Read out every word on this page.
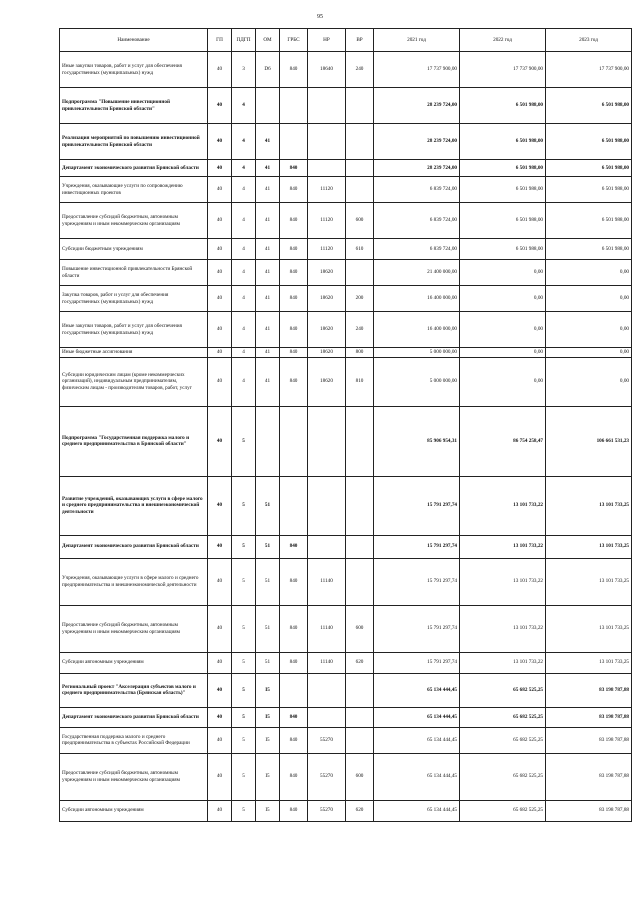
95
Наименование	ГП	ПДГП	ОМ	ГРБС	НР	ВР	2021 год	2022 год	2023 год
Иные закупки товаров, работ и услуг для обеспечения государственных (муниципальных) нужд	40	3	D6	840	18640	240	17 737 900,00	17 737 900,00	17 737 900,00
Подпрограмма "Повышение инвестиционной привлекательности Брянской области"	40	4					28 239 724,00	6 501 988,00	6 501 988,00
Реализация мероприятий по повышению инвестиционной привлекательности Брянской области	40	4	41				28 239 724,00	6 501 988,00	6 501 988,00
Департамент экономического развития Брянской области	40	4	41	840			28 239 724,00	6 501 988,00	6 501 988,00
Учреждения, оказывающие услуги по сопровождению инвестиционных проектов	40	4	41	840	11120		6 839 724,00	6 501 988,00	6 501 988,00
Предоставление субсидий бюджетным, автономным учреждениям и иным некоммерческим организациям	40	4	41	840	11120	600	6 839 724,00	6 501 988,00	6 501 988,00
Субсидии бюджетным учреждениям	40	4	41	840	11120	610	6 839 724,00	6 501 988,00	6 501 988,00
Повышение инвестиционной привлекательности Брянской области	40	4	41	840	18620		21 400 000,00	0,00	0,00
Закупка товаров, работ и услуг для обеспечения государственных (муниципальных) нужд	40	4	41	840	18620	200	16 400 000,00	0,00	0,00
Иные закупки товаров, работ и услуг для обеспечения государственных (муниципальных) нужд	40	4	41	840	18620	240	16 400 000,00	0,00	0,00
Иные бюджетные ассигнования	40	4	41	840	18620	800	5 000 000,00	0,00	0,00
Субсидии юридическим лицам (кроме некоммерческих организаций), индивидуальным предпринимателям, физическим лицам - производителям товаров, работ, услуг	40	4	41	840	18620	810	5 000 000,00	0,00	0,00
Подпрограмма "Государственная поддержка малого и среднего предпринимательства в Брянской области"	40	5					85 906 954,31	86 754 258,47	106 661 531,23
Развитие учреждений, оказывающих услуги в сфере малого и среднего предпринимательства и внешнеэкономической деятельности	40	5	51				15 791 297,74	13 101 733,22	13 101 733,25
Департамент экономического развития Брянской области	40	5	51	840			15 791 297,74	13 101 733,22	13 101 733,25
Учреждения, оказывающие услуги в сфере малого и среднего предпринимательства и внешнеэкономической деятельности	40	5	51	840	11140		15 791 297,74	13 101 733,22	13 101 733,25
Предоставление субсидий бюджетным, автономным учреждениям и иным некоммерческим организациям	40	5	51	840	11140	600	15 791 297,74	13 101 733,22	13 101 733,25
Субсидии автономным учреждениям	40	5	51	840	11140	620	15 791 297,74	13 101 733,22	13 101 733,25
Региональный проект "Акселерация субъектов малого и среднего предпринимательства (Брянская область)"	40	5	I5				65 134 444,45	65 682 525,25	83 198 787,88
Департамент экономического развития Брянской области	40	5	I5	840			65 134 444,45	65 682 525,25	83 198 787,88
Государственная поддержка малого и среднего предпринимательства в субъектах Российской Федерации	40	5	I5	840	55270		65 134 444,45	65 682 525,25	83 198 787,88
Предоставление субсидий бюджетным, автономным учреждениям и иным некоммерческим организациям	40	5	I5	840	55270	600	65 134 444,45	65 682 525,25	83 198 787,88
Субсидии автономным учреждениям	40	5	I5	840	55270	620	65 134 444,45	65 682 525,25	83 198 787,88
